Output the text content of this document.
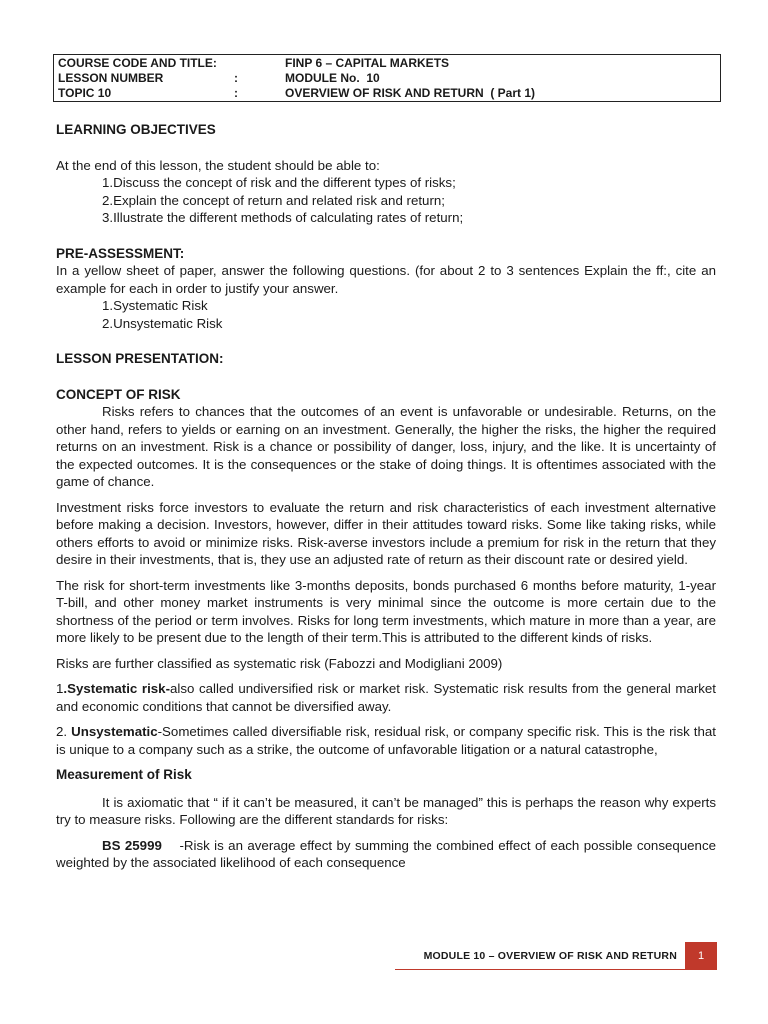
COURSE CODE AND TITLE:	FINP 6 – CAPITAL MARKETS
LESSON NUMBER	:	MODULE No.  10
TOPIC 10	:	OVERVIEW OF RISK AND RETURN  ( Part 1)

LEARNING OBJECTIVES

At the end of this lesson, the student should be able to:

1.Discuss the concept of risk and the different types of risks;

2.Explain the concept of return and related risk and return;

3.Illustrate the different methods of calculating rates of return;

PRE-ASSESSMENT:

In a yellow sheet of paper, answer the following questions. (for about 2 to 3 sentences Explain the ff:, cite an example for each in order to justify your answer.

1.Systematic Risk

2.Unsystematic Risk

LESSON PRESENTATION:

CONCEPT OF RISK

Risks refers to chances that the outcomes of an event is unfavorable or undesirable. Returns, on the other hand, refers to yields or earning on an investment. Generally, the higher the risks, the higher the required returns on an investment. Risk is a chance or possibility of danger, loss, injury, and the like. It is uncertainty of the expected outcomes. It is the consequences or the stake of doing things. It is oftentimes associated with the game of chance.

Investment risks force investors to evaluate the return and risk characteristics of each investment alternative before making a decision. Investors, however, differ in their attitudes toward risks. Some like taking risks, while others efforts to avoid or minimize risks. Risk-averse investors include a premium for risk in the return that they desire in their investments, that is, they use an adjusted rate of return as their discount rate or desired yield.

The risk for short-term investments like 3-months deposits, bonds purchased 6 months before maturity, 1-year T-bill, and other money market instruments is very minimal since the outcome is more certain due to the shortness of the period or term involves. Risks for long term investments, which mature in more than a year, are more likely to be present due to the length of their term.This is attributed to the different kinds of risks.

Risks are further classified as systematic risk (Fabozzi and Modigliani 2009)

1.Systematic risk-also called undiversified risk or market risk. Systematic risk results from the general market and economic conditions that cannot be diversified away.

2. Unsystematic-Sometimes called diversifiable risk, residual risk, or company specific risk. This is the risk that is unique to a company such as a strike, the outcome of unfavorable litigation or a natural catastrophe,

Measurement of Risk

It is axiomatic that “ if it can’t be measured, it can’t be managed” this is perhaps the reason why experts try to measure risks. Following are the different standards for risks:

BS 25999    -Risk is an average effect by summing the combined effect of each possible consequence weighted by the associated likelihood of each consequence

MODULE 10 – OVERVIEW OF RISK AND RETURN	1
